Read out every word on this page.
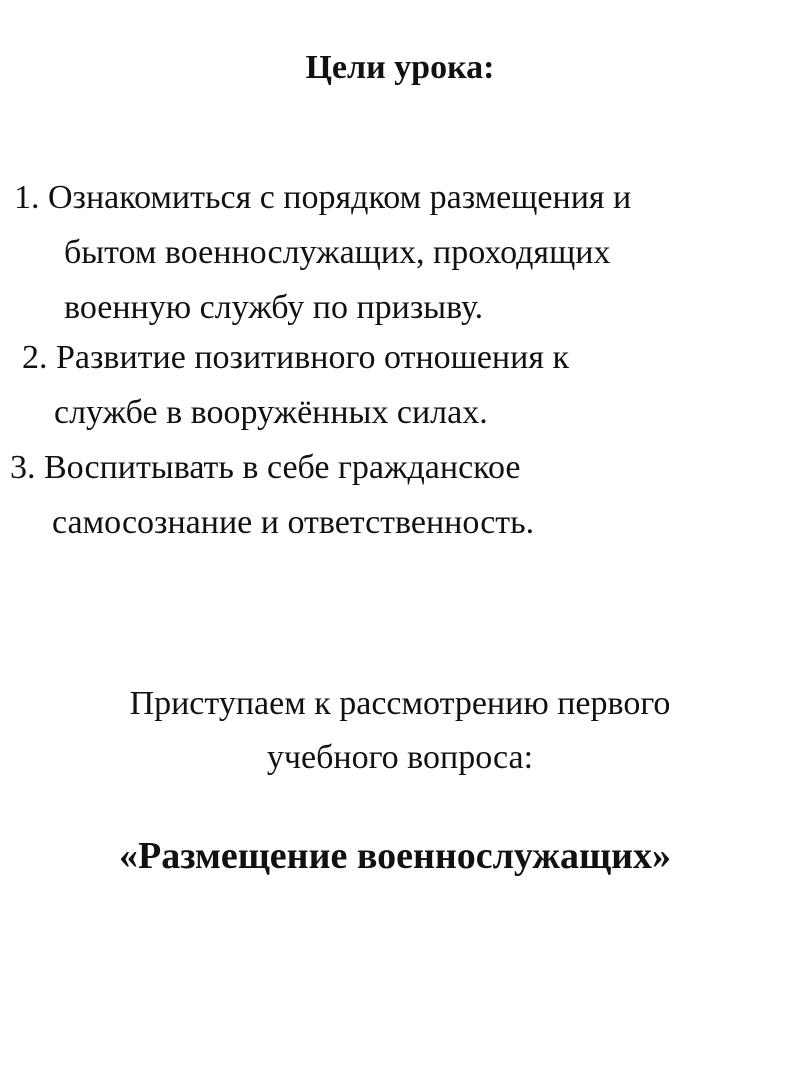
Цели урока:
1. Ознакомиться с порядком размещения и
бытом военнослужащих, проходящих
военную службу по призыву.
2. Развитие позитивного отношения к
службе в вооружённых силах.
3. Воспитывать в себе гражданское
самосознание и ответственность.
Приступаем к рассмотрению первого
учебного вопроса:
«Размещение военнослужащих»
